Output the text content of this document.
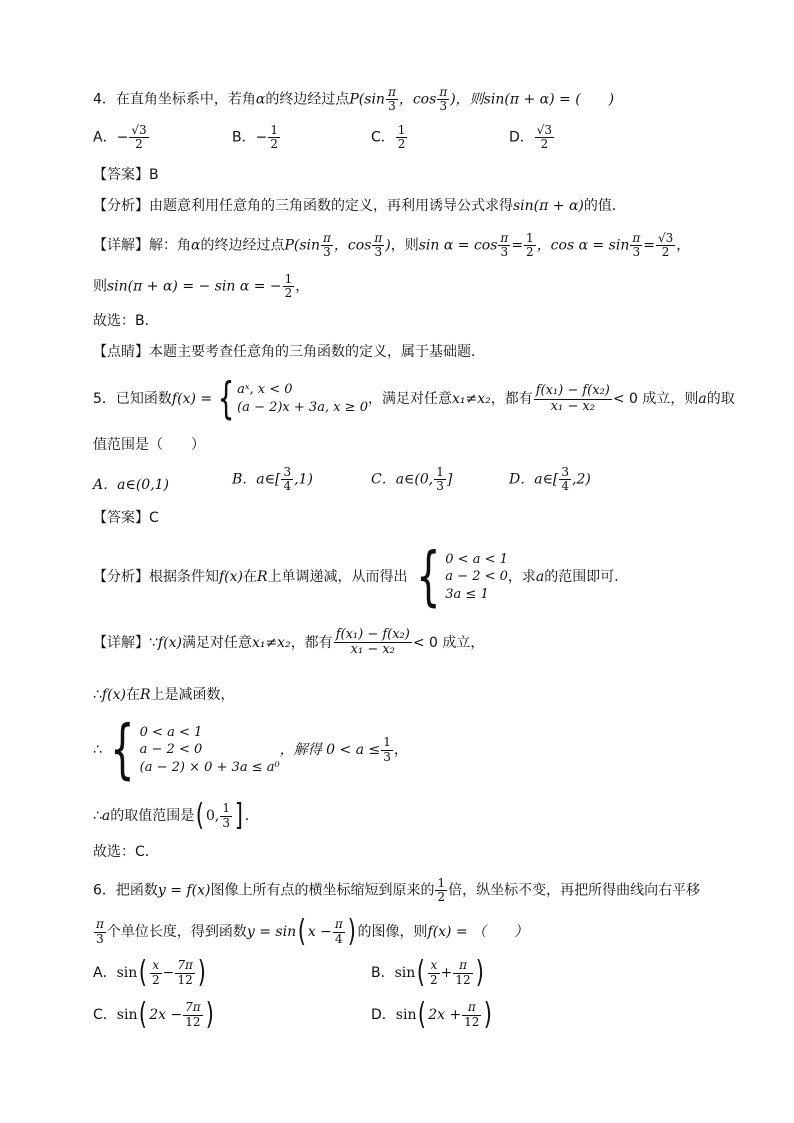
4．在直角坐标系中，若角α的终边经过点$P(\sin \frac{\pi}{3}$ ，$\cos \frac{\pi}{3}$ )，则sin(π + α) = (　　)
A．− $\frac{√3}{2}$	B．− $\frac{1}{2}$	C． $\frac{1}{2}$	D． $\frac{√3}{2}$
【答案】B
【分析】由题意利用任意角的三角函数的定义，再利用诱导公式求得sin(π + α)的值．
【详解】解：角α的终边经过点$P(\sin \frac{\pi}{3}$ ，$\cos \frac{\pi}{3}$ )，则$\sin \alpha = \cos \frac{\pi}{3} = \frac{1}{2}$ ，$\cos \alpha = \sin \frac{\pi}{3} = \frac{√3}{2}$ ，
则sin(π + α) = − sin α = − $\frac{1}{2}$ ，
故选：B．
【点睛】本题主要考查任意角的三角函数的定义，属于基础题．
5．已知函数f(x) = { aˣ, x < 0
(a − 2)x + 3a, x ≥ 0，满足对任意x₁≠x₂，都有 $\frac{\text{f(x₁) − f(x₂)}}{\text{x₁ − x₂}} < 0$ 成立，则a的取
值范围是（　　）
A．a∈(0,1)	B．a∈[ $\frac{3}{4} ,1$)	C．a∈(0, $\frac{1}{3}$ ]	D．a∈[ $\frac{3}{4} ,2$)
【答案】C
【分析】根据条件知f(x)在R上单调递减，从而得出 { 0 < a < 1
a − 2 < 0
3a ≤ 1，求a的范围即可．
【详解】∵f(x)满足对任意x₁≠x₂，都有 $\frac{\text{f(x₁) − f(x₂)}}{\text{x₁ − x₂}} < 0$ 成立，
∴f(x)在R上是减函数，
∴ { 0 < a < 1
a − 2 < 0
(a − 2) × 0 + 3a ≤ a⁰，解得 $0 < a \le \frac{1}{3}$ ，
∴a的取值范围是( 0, $\frac{1}{3}$ ] ．
故选：C．
6．把函数y = f(x)图像上所有点的横坐标缩短到原来的 $\frac{1}{2}$ 倍，纵坐标不变，再把所得曲线向右平移
$\frac{\pi}{3}$ 个单位长度，得到函数y = sin( $x - \frac{\pi}{4}$ ) 的图像，则f(x) = （　　）
A．$\sin( \frac{x}{2} - \frac{7\pi}{12}$ )	B．$\sin( \frac{x}{2} + \frac{\pi}{12}$ )
C．sin( $2x - \frac{7\pi}{12}$ )	D．sin( $2x + \frac{\pi}{12}$ )
